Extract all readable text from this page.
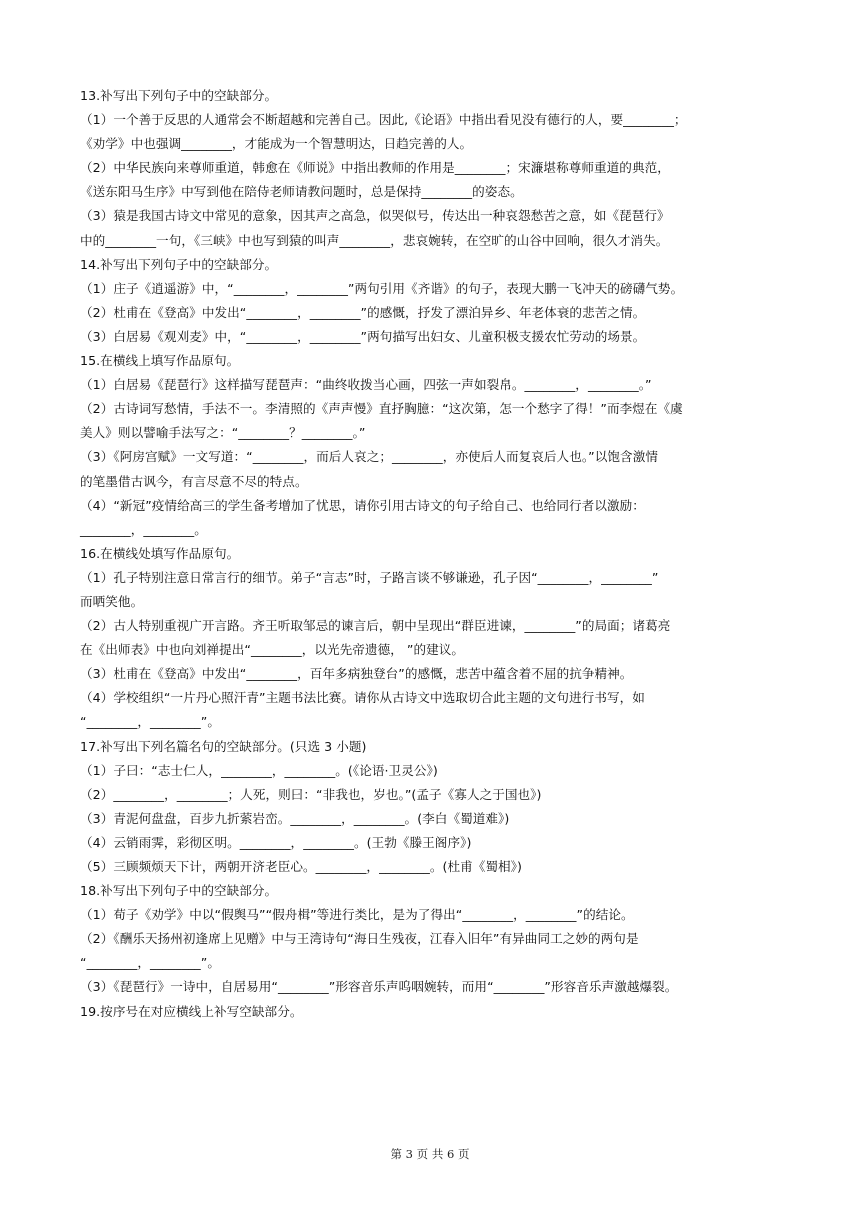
13.补写出下列句子中的空缺部分。
（1）一个善于反思的人通常会不断超越和完善自己。因此,《论语》中指出看见没有德行的人，要________；
《劝学》中也强调________，才能成为一个智慧明达，日趋完善的人。
（2）中华民族向来尊师重道，韩愈在《师说》中指出教师的作用是________；宋濂堪称尊师重道的典范，
《送东阳马生序》中写到他在陪侍老师请教问题时，总是保持________的姿态。
（3）猿是我国古诗文中常见的意象，因其声之高急，似哭似号，传达出一种哀怨愁苦之意，如《琵琶行》
中的________一句，《三峡》中也写到猿的叫声________，悲哀婉转，在空旷的山谷中回响，很久才消失。
14.补写出下列句子中的空缺部分。
（1）庄子《逍遥游》中，“________，________”两句引用《齐谐》的句子，表现大鹏一飞冲天的磅礴气势。
（2）杜甫在《登高》中发出“________，________”的感慨，抒发了漂泊异乡、年老体衰的悲苦之情。
（3）白居易《观刈麦》中，“________，________”两句描写出妇女、儿童积极支援农忙劳动的场景。
15.在横线上填写作品原句。
（1）白居易《琵琶行》这样描写琵琶声：“曲终收拨当心画，四弦一声如裂帛。________，________。”
（2）古诗词写愁情，手法不一。李清照的《声声慢》直抒胸臆：“这次第，怎一个愁字了得！”而李煜在《虞
美人》则以譬喻手法写之：“________？________。”
（3）《阿房宫赋》一文写道：“________，而后人哀之；________，亦使后人而复哀后人也。”以饱含激情
的笔墨借古讽今，有言尽意不尽的特点。
（4）“新冠”疫情给高三的学生备考增加了忧思，请你引用古诗文的句子给自己、也给同行者以激励：
________，________。
16.在横线处填写作品原句。
（1）孔子特别注意日常言行的细节。弟子“言志”时，子路言谈不够谦逊，孔子因“________，________”
而哂笑他。
（2）古人特别重视广开言路。齐王听取邹忌的谏言后，朝中呈现出“群臣进谏，________”的局面；诸葛亮
在《出师表》中也向刘禅提出“________，以光先帝遗德， ”的建议。
（3）杜甫在《登高》中发出“________，百年多病独登台”的感慨，悲苦中蕴含着不屈的抗争精神。
（4）学校组织“一片丹心照汗青”主题书法比赛。请你从古诗文中选取切合此主题的文句进行书写，如
“________，________”。
17.补写出下列名篇名句的空缺部分。(只选 3 小题)
（1）子曰：“志士仁人，________，________。(《论语·卫灵公》)
（2）________，________；人死，则曰：“非我也，岁也。”(孟子《寡人之于国也》)
（3）青泥何盘盘，百步九折萦岩峦。________，________。(李白《蜀道难》)
（4）云销雨霁，彩彻区明。________，________。(王勃《滕王阁序》)
（5）三顾频烦天下计，两朝开济老臣心。________，________。(杜甫《蜀相》)
18.补写出下列句子中的空缺部分。
（1）荀子《劝学》中以“假舆马”“假舟楫”等进行类比，是为了得出“________，________”的结论。
（2）《酬乐天扬州初逢席上见赠》中与王湾诗句“海日生残夜，江春入旧年”有异曲同工之妙的两句是
“________，________”。
（3）《琵琶行》一诗中，自居易用“________”形容音乐声呜咽婉转，而用“________”形容音乐声激越爆裂。
19.按序号在对应横线上补写空缺部分。
第 3 页 共 6 页
